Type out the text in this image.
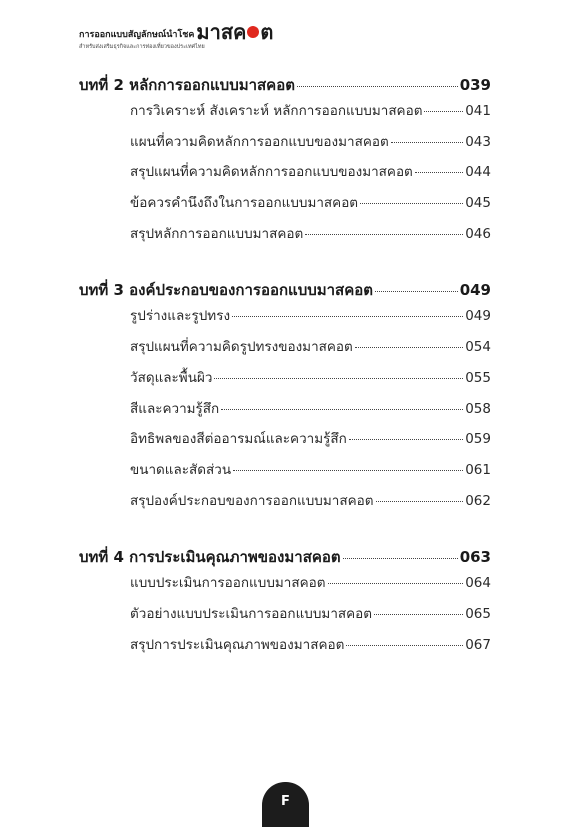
การออกแบบสัญลักษณ์นำโชค มาสค ต
สำหรับส่งเสริมธุรกิจและการท่องเที่ยวของประเทศไทย
บทที่ 2 หลักการออกแบบมาสคอต	039
การวิเคราะห์ สังเคราะห์ หลักการออกแบบมาสคอต	041
แผนที่ความคิดหลักการออกแบบของมาสคอต	043
สรุปแผนที่ความคิดหลักการออกแบบของมาสคอต	044
ข้อควรคำนึงถึงในการออกแบบมาสคอต	045
สรุปหลักการออกแบบมาสคอต	046
บทที่ 3 องค์ประกอบของการออกแบบมาสคอต	049
รูปร่างและรูปทรง	049
สรุปแผนที่ความคิดรูปทรงของมาสคอต	054
วัสดุและพื้นผิว	055
สีและความรู้สึก	058
อิทธิพลของสีต่ออารมณ์และความรู้สึก	059
ขนาดและสัดส่วน	061
สรุปองค์ประกอบของการออกแบบมาสคอต	062
บทที่ 4 การประเมินคุณภาพของมาสคอต	063
แบบประเมินการออกแบบมาสคอต	064
ตัวอย่างแบบประเมินการออกแบบมาสคอต	065
สรุปการประเมินคุณภาพของมาสคอต	067
F
